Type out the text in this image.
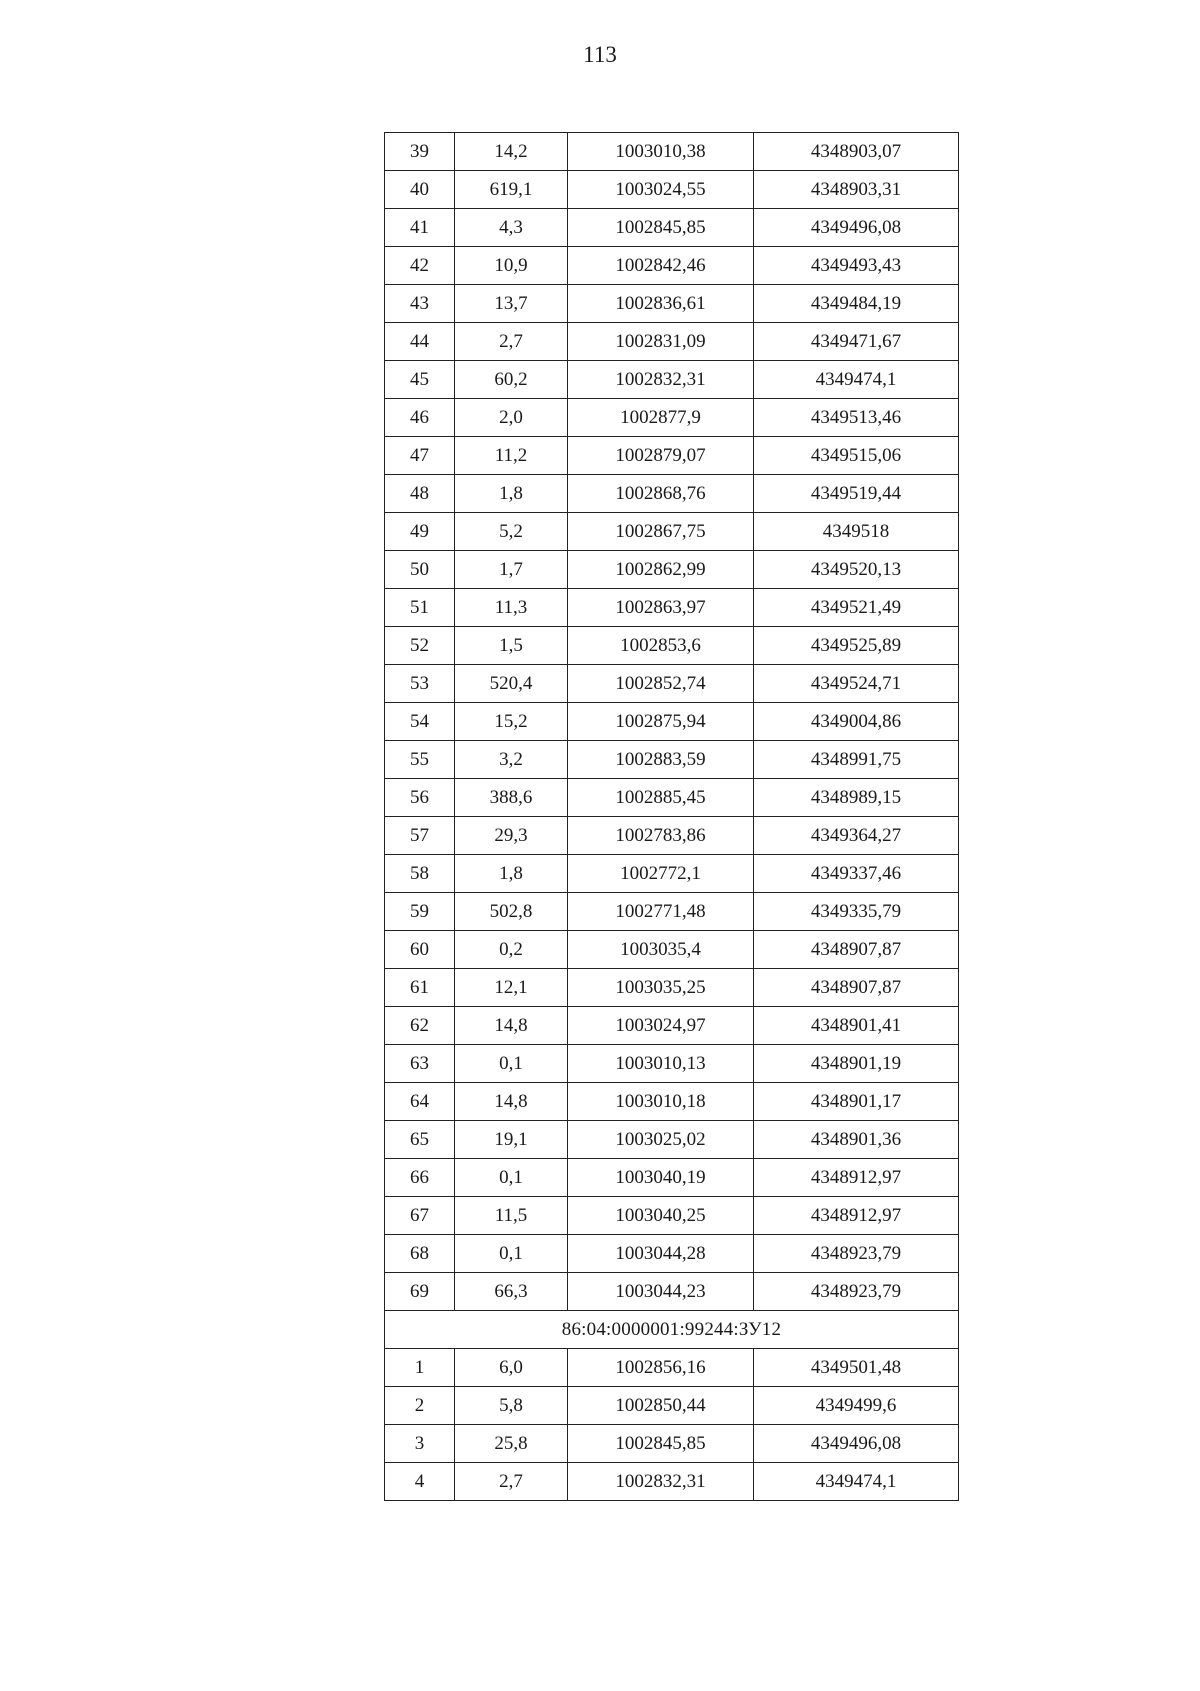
113
39	14,2	1003010,38	4348903,07
40	619,1	1003024,55	4348903,31
41	4,3	1002845,85	4349496,08
42	10,9	1002842,46	4349493,43
43	13,7	1002836,61	4349484,19
44	2,7	1002831,09	4349471,67
45	60,2	1002832,31	4349474,1
46	2,0	1002877,9	4349513,46
47	11,2	1002879,07	4349515,06
48	1,8	1002868,76	4349519,44
49	5,2	1002867,75	4349518
50	1,7	1002862,99	4349520,13
51	11,3	1002863,97	4349521,49
52	1,5	1002853,6	4349525,89
53	520,4	1002852,74	4349524,71
54	15,2	1002875,94	4349004,86
55	3,2	1002883,59	4348991,75
56	388,6	1002885,45	4348989,15
57	29,3	1002783,86	4349364,27
58	1,8	1002772,1	4349337,46
59	502,8	1002771,48	4349335,79
60	0,2	1003035,4	4348907,87
61	12,1	1003035,25	4348907,87
62	14,8	1003024,97	4348901,41
63	0,1	1003010,13	4348901,19
64	14,8	1003010,18	4348901,17
65	19,1	1003025,02	4348901,36
66	0,1	1003040,19	4348912,97
67	11,5	1003040,25	4348912,97
68	0,1	1003044,28	4348923,79
69	66,3	1003044,23	4348923,79
86:04:0000001:99244:ЗУ12			
1	6,0	1002856,16	4349501,48
2	5,8	1002850,44	4349499,6
3	25,8	1002845,85	4349496,08
4	2,7	1002832,31	4349474,1
